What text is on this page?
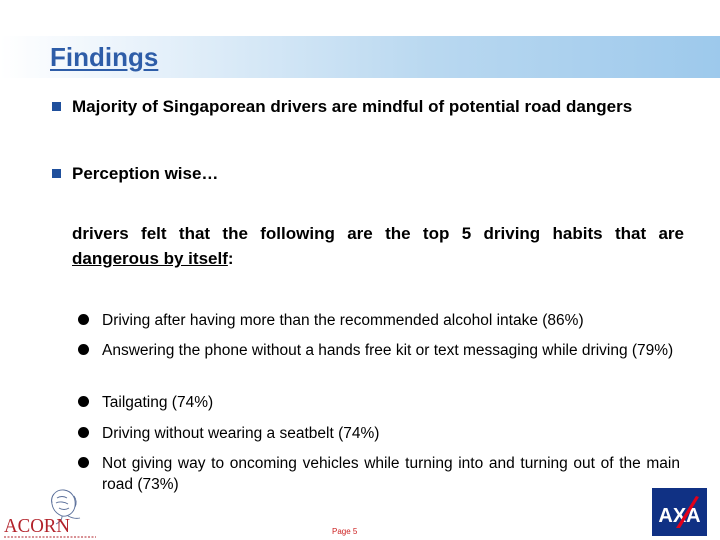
Findings
Majority of Singaporean drivers are mindful of potential road dangers
Perception wise…
drivers felt that the following are the top 5 driving habits that are dangerous by itself:
Driving after having more than the recommended alcohol intake (86%)
Answering the phone without a hands free kit or text messaging while driving (79%)
Tailgating (74%)
Driving without wearing a seatbelt (74%)
Not giving way to oncoming vehicles while turning into and turning out of the main road (73%)
ACORN	Page 5
AXA
